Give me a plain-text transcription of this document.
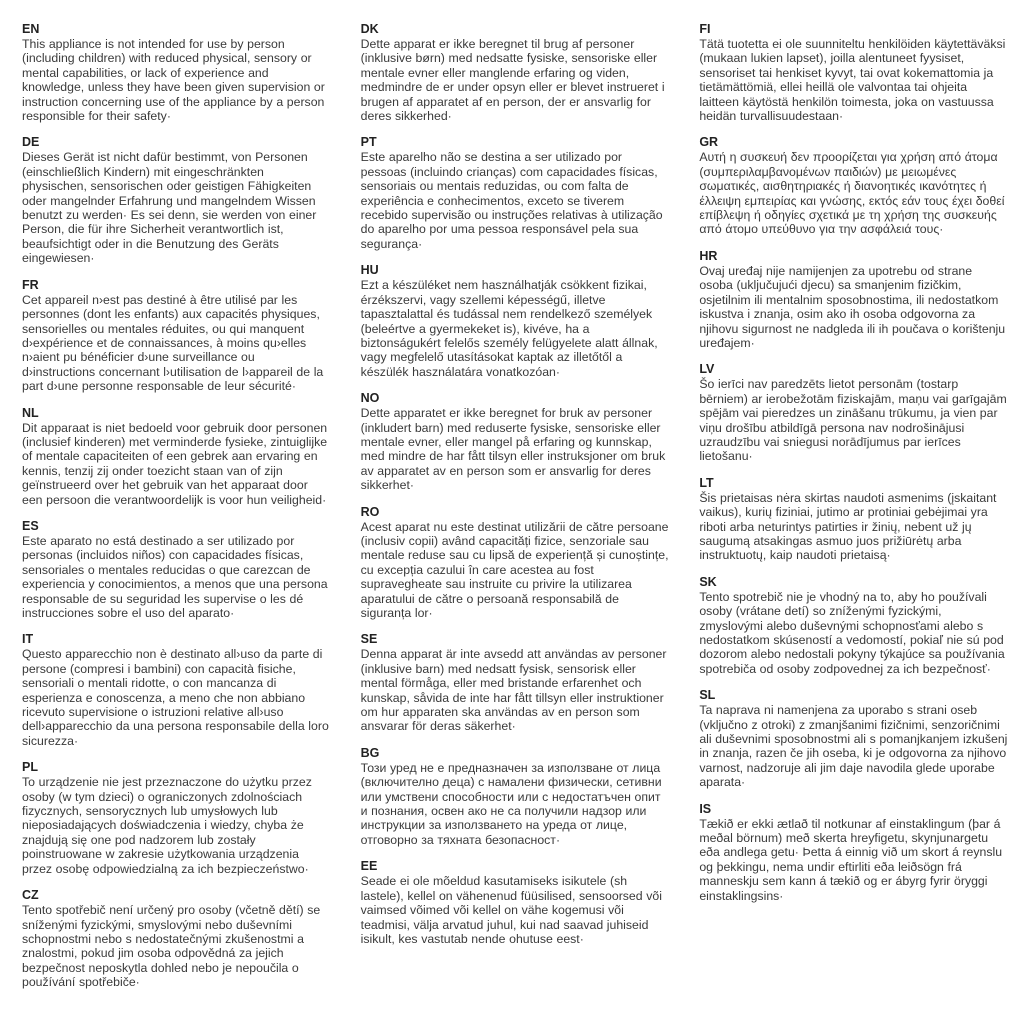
EN
This appliance is not intended for use by person (including children) with reduced physical, sensory or mental capabilities, or lack of experience and knowledge, unless they have been given supervision or instruction concerning use of the appliance by a person responsible for their safety·
DE
Dieses Gerät ist nicht dafür bestimmt, von Personen (einschließlich Kindern) mit eingeschränkten physischen, sensorischen oder geistigen Fähigkeiten oder mangelnder Erfahrung und mangelndem Wissen benutzt zu werden· Es sei denn, sie werden von einer Person, die für ihre Sicherheit verantwortlich ist, beaufsichtigt oder in die Benutzung des Geräts eingewiesen·
FR
Cet appareil n›est pas destiné à être utilisé par les personnes (dont les enfants) aux capacités physiques, sensorielles ou mentales réduites, ou qui manquent d›expérience et de connaissances, à moins qu›elles n›aient pu bénéficier d›une surveillance ou d›instructions concernant l›utilisation de l›appareil de la part d›une personne responsable de leur sécurité·
NL
Dit apparaat is niet bedoeld voor gebruik door personen (inclusief kinderen) met verminderde fysieke, zintuiglijke of mentale capaciteiten of een gebrek aan ervaring en kennis, tenzij zij onder toezicht staan van of zijn geïnstrueerd over het gebruik van het apparaat door een persoon die verantwoordelijk is voor hun veiligheid·
ES
Este aparato no está destinado a ser utilizado por personas (incluidos niños) con capacidades físicas, sensoriales o mentales reducidas o que carezcan de experiencia y conocimientos, a menos que una persona responsable de su seguridad les supervise o les dé instrucciones sobre el uso del aparato·
IT
Questo apparecchio non è destinato all›uso da parte di persone (compresi i bambini) con capacità fisiche, sensoriali o mentali ridotte, o con mancanza di esperienza e conoscenza, a meno che non abbiano ricevuto supervisione o istruzioni relative all›uso dell›apparecchio da una persona responsabile della loro sicurezza·
PL
To urządzenie nie jest przeznaczone do użytku przez osoby (w tym dzieci) o ograniczonych zdolnościach fizycznych, sensorycznych lub umysłowych lub nieposiadających doświadczenia i wiedzy, chyba że znajdują się one pod nadzorem lub zostały poinstruowane w zakresie użytkowania urządzenia przez osobę odpowiedzialną za ich bezpieczeństwo·
CZ
Tento spotřebič není určený pro osoby (včetně dětí) se sníženými fyzickými, smyslovými nebo duševními schopnostmi nebo s nedostatečnými zkušenostmi a znalostmi, pokud jim osoba odpovědná za jejich bezpečnost neposkytla dohled nebo je nepoučila o používání spotřebiče·
DK
Dette apparat er ikke beregnet til brug af personer (inklusive børn) med nedsatte fysiske, sensoriske eller mentale evner eller manglende erfaring og viden, medmindre de er under opsyn eller er blevet instrueret i brugen af apparatet af en person, der er ansvarlig for deres sikkerhed·
PT
Este aparelho não se destina a ser utilizado por pessoas (incluindo crianças) com capacidades físicas, sensoriais ou mentais reduzidas, ou com falta de experiência e conhecimentos, exceto se tiverem recebido supervisão ou instruções relativas à utilização do aparelho por uma pessoa responsável pela sua segurança·
HU
Ezt a készüléket nem használhatják csökkent fizikai, érzékszervi, vagy szellemi képességű, illetve tapasztalattal és tudással nem rendelkező személyek (beleértve a gyermekeket is), kivéve, ha a biztonságukért felelős személy felügyelete alatt állnak, vagy megfelelő utasításokat kaptak az illetőtől a készülék használatára vonatkozóan·
NO
Dette apparatet er ikke beregnet for bruk av personer (inkludert barn) med reduserte fysiske, sensoriske eller mentale evner, eller mangel på erfaring og kunnskap, med mindre de har fått tilsyn eller instruksjoner om bruk av apparatet av en person som er ansvarlig for deres sikkerhet·
RO
Acest aparat nu este destinat utilizării de către persoane (inclusiv copii) având capacități fizice, senzoriale sau mentale reduse sau cu lipsă de experiență și cunoștințe, cu excepția cazului în care acestea au fost supravegheate sau instruite cu privire la utilizarea aparatului de către o persoană responsabilă de siguranța lor·
SE
Denna apparat är inte avsedd att användas av personer (inklusive barn) med nedsatt fysisk, sensorisk eller mental förmåga, eller med bristande erfarenhet och kunskap, såvida de inte har fått tillsyn eller instruktioner om hur apparaten ska användas av en person som ansvarar för deras säkerhet·
BG
Този уред не е предназначен за използване от лица (включително деца) с намалени физически, сетивни или умствени способности или с недостатъчен опит и познания, освен ако не са получили надзор или инструкции за използването на уреда от лице, отговорно за тяхната безопасност·
EE
Seade ei ole mõeldud kasutamiseks isikutele (sh lastele), kellel on vähenenud füüsilised, sensoorsed või vaimsed võimed või kellel on vähe kogemusi või teadmisi, välja arvatud juhul, kui nad saavad juhiseid isikult, kes vastutab nende ohutuse eest·
FI
Tätä tuotetta ei ole suunniteltu henkilöiden käytettäväksi (mukaan lukien lapset), joilla alentuneet fyysiset, sensoriset tai henkiset kyvyt, tai ovat kokemattomia ja tietämättömiä, ellei heillä ole valvontaa tai ohjeita laitteen käytöstä henkilön toimesta, joka on vastuussa heidän turvallisuudestaan·
GR
Αυτή η συσκευή δεν προορίζεται για χρήση από άτομα (συμπεριλαμβανομένων παιδιών) με μειωμένες σωματικές, αισθητηριακές ή διανοητικές ικανότητες ή έλλειψη εμπειρίας και γνώσης, εκτός εάν τους έχει δοθεί επίβλεψη ή οδηγίες σχετικά με τη χρήση της συσκευής από άτομο υπεύθυνο για την ασφάλειά τους·
HR
Ovaj uređaj nije namijenjen za upotrebu od strane osoba (uključujući djecu) sa smanjenim fizičkim, osjetilnim ili mentalnim sposobnostima, ili nedostatkom iskustva i znanja, osim ako ih osoba odgovorna za njihovu sigurnost ne nadgleda ili ih poučava o korištenju uređajem·
LV
Šo ierīci nav paredzēts lietot personām (tostarp bērniem) ar ierobežotām fiziskajām, maņu vai garīgajām spējām vai pieredzes un zināšanu trūkumu, ja vien par viņu drošību atbildīgā persona nav nodrošinājusi uzraudzību vai sniegusi norādījumus par ierīces lietošanu·
LT
Šis prietaisas nėra skirtas naudoti asmenims (įskaitant vaikus), kurių fiziniai, jutimo ar protiniai gebėjimai yra riboti arba neturintys patirties ir žinių, nebent už jų saugumą atsakingas asmuo juos prižiūrėtų arba instruktuotų, kaip naudoti prietaisą·
SK
Tento spotrebič nie je vhodný na to, aby ho používali osoby (vrátane detí) so zníženými fyzickými, zmyslovými alebo duševnými schopnosťami alebo s nedostatkom skúseností a vedomostí, pokiaľ nie sú pod dozorom alebo nedostali pokyny týkajúce sa používania spotrebiča od osoby zodpovednej za ich bezpečnosť·
SL
Ta naprava ni namenjena za uporabo s strani oseb (vključno z otroki) z zmanjšanimi fizičnimi, senzoričnimi ali duševnimi sposobnostmi ali s pomanjkanjem izkušenj in znanja, razen če jih oseba, ki je odgovorna za njihovo varnost, nadzoruje ali jim daje navodila glede uporabe aparata·
IS
Tækið er ekki ætlað til notkunar af einstaklingum (þar á meðal börnum) með skerta hreyfigetu, skynjunargetu eða andlega getu· Þetta á einnig við um skort á reynslu og þekkingu, nema undir eftirliti eða leiðsögn frá manneskju sem kann á tækið og er ábyrg fyrir öryggi einstaklingsins·
